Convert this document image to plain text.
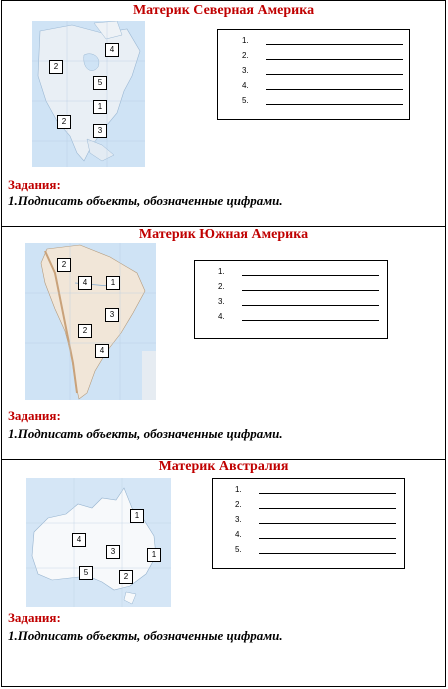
Материк Северная Америка
4
2
5
1
2
3
1.
2.
3.
4.
5.
Задания:
1.Подписать объекты, обозначенные цифрами.
Материк Южная Америка
2
4	1
3
2
4
1.
2.
3.
4.
Задания:
1.Подписать объекты, обозначенные цифрами.
Материк Австралия
1
4
3	1
5	2
1.
2.
3.
4.
5.
Задания:
1.Подписать объекты, обозначенные цифрами.
